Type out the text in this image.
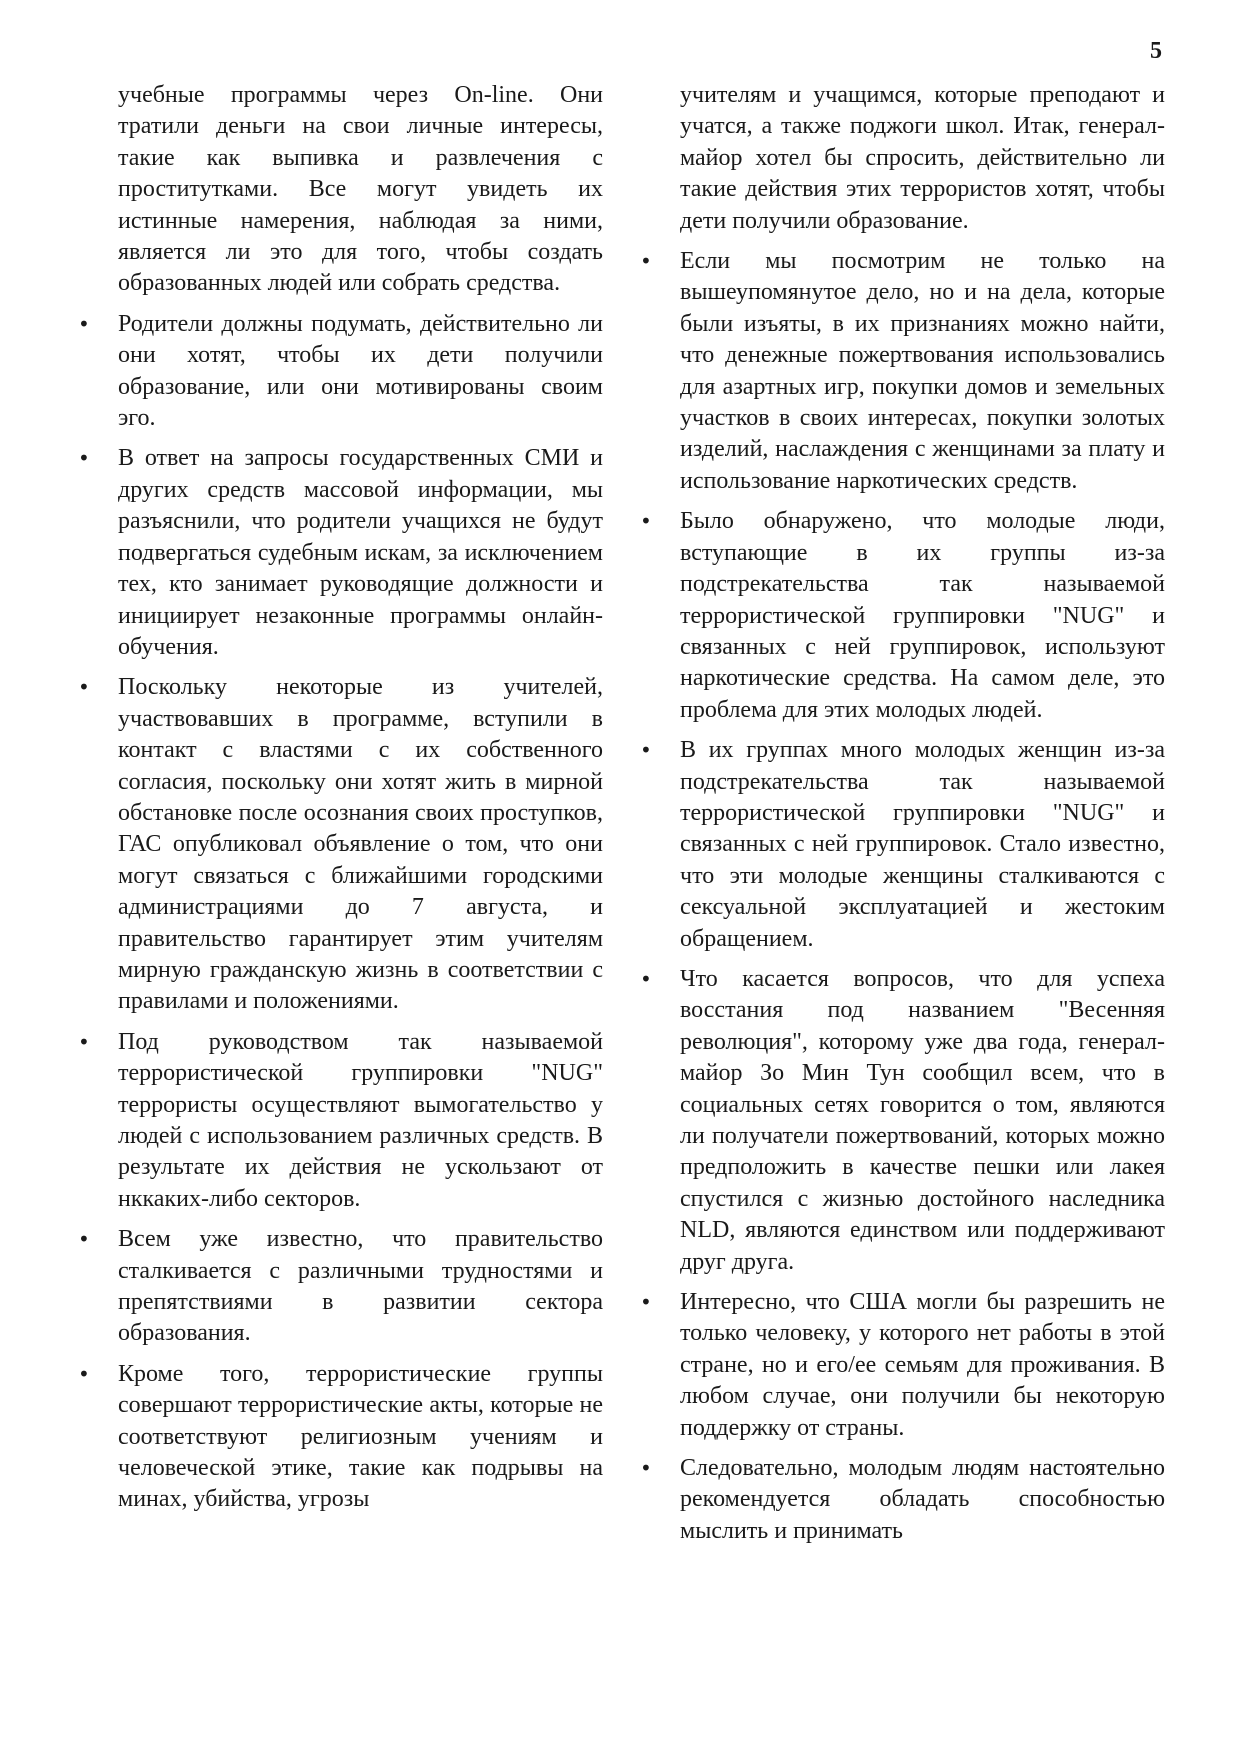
5

учебные программы через On-line. Они тратили деньги на свои личные интересы, такие как выпивка и развлечения с проститутками. Все могут увидеть их истинные намерения, наблюдая за ними, является ли это для того, чтобы создать образованных людей или собрать средства.

• Родители должны подумать, действительно ли они хотят, чтобы их дети получили образование, или они мотивированы своим эго.

• В ответ на запросы государственных СМИ и других средств массовой информации, мы разъяснили, что родители учащихся не будут подвергаться судебным искам, за исключением тех, кто занимает руководящие должности и инициирует незаконные программы онлайн-обучения.

• Поскольку некоторые из учителей, участвовавших в программе, вступили в контакт с властями с их собственного согласия, поскольку они хотят жить в мирной обстановке после осознания своих проступков, ГАС опубликовал объявление о том, что они могут связаться с ближайшими городскими администрациями до 7 августа, и правительство гарантирует этим учителям мирную гражданскую жизнь в соответствии с правилами и положениями.

• Под руководством так называемой террористической группировки "NUG" террористы осуществляют вымогательство у людей с использованием различных средств. В результате их действия не ускользают от нккаких-либо секторов.

• Всем уже известно, что правительство сталкивается с различными трудностями и препятствиями в развитии сектора образования.

• Кроме того, террористические группы совершают террористические акты, которые не соответствуют религиозным учениям и человеческой этике, такие как подрывы на минах, убийства, угрозы

учителям и учащимся, которые преподают и учатся, а также поджоги школ. Итак, генерал-майор хотел бы спросить, действительно ли такие действия этих террористов хотят, чтобы дети получили образование.

• Если мы посмотрим не только на вышеупомянутое дело, но и на дела, которые были изъяты, в их признаниях можно найти, что денежные пожертвования использовались для азартных игр, покупки домов и земельных участков в своих интересах, покупки золотых изделий, наслаждения с женщинами за плату и использование наркотических средств.

• Было обнаружено, что молодые люди, вступающие в их группы из-за подстрекательства так называемой террористической группировки "NUG" и связанных с ней группировок, используют наркотические средства. На самом деле, это проблема для этих молодых людей.

• В их группах много молодых женщин из-за подстрекательства так называемой террористической группировки "NUG" и связанных с ней группировок. Стало известно, что эти молодые женщины сталкиваются с сексуальной эксплуатацией и жестоким обращением.

• Что касается вопросов, что для успеха восстания под названием "Весенняя революция", которому уже два года, генерал-майор Зо Мин Тун сообщил всем, что в социальных сетях говорится о том, являются ли получатели пожертвований, которых можно предположить в качестве пешки или лакея спустился с жизнью достойного наследника NLD, являются единством или поддерживают друг друга.

• Интересно, что США могли бы разрешить не только человеку, у которого нет работы в этой стране, но и его/ее семьям для проживания. В любом случае, они получили бы некоторую поддержку от страны.

• Следовательно, молодым людям настоятельно рекомендуется обладать способностью мыслить и принимать
